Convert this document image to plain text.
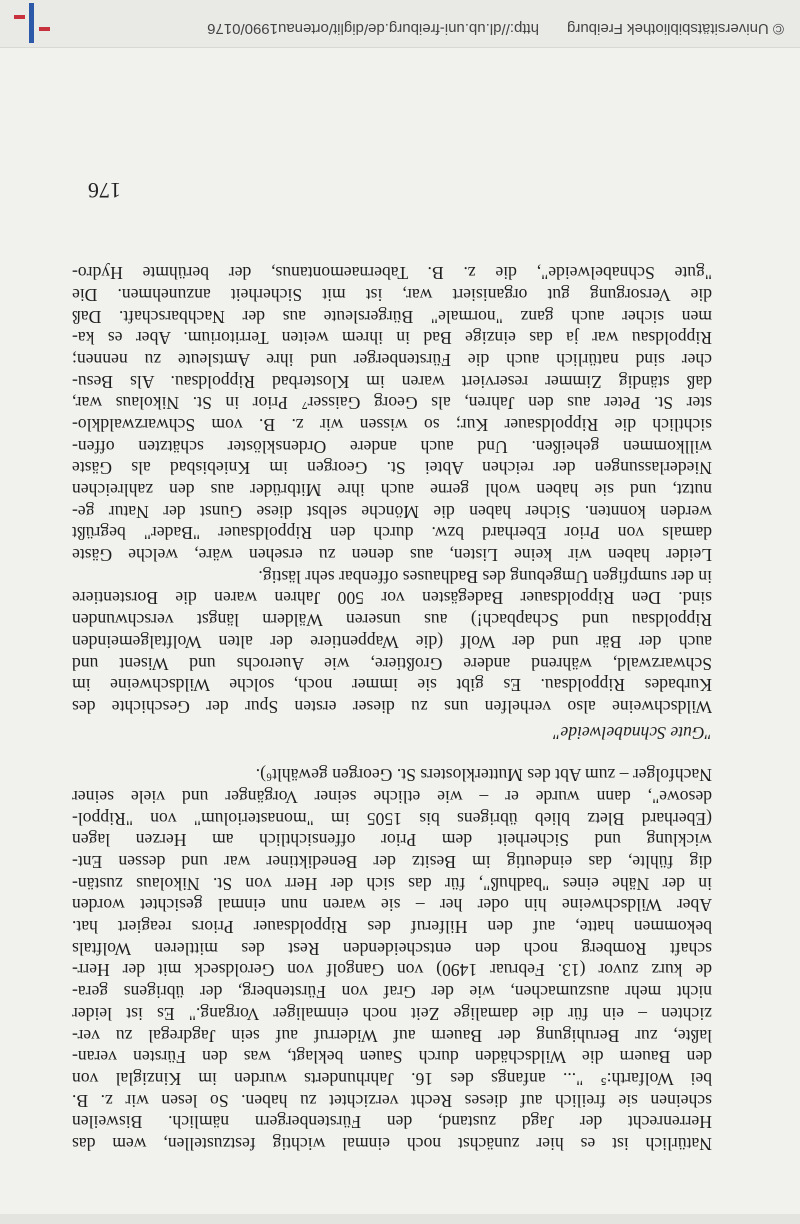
Natürlich ist es hier zunächst noch einmal wichtig festzustellen, wem das
Herrenrecht der Jagd zustand, den Fürstenbergern nämlich. Bisweilen
scheinen sie freilich auf dieses Recht verzichtet zu haben. So lesen wir z. B.
bei Wolfarth:⁵ "... anfangs des 16. Jahrhunderts wurden im Kinziglal von
den Bauern die Wildschäden durch Sauen beklagt, was den Fürsten veran-
laßte, zur Beruhigung der Bauern auf Widerruf auf sein Jagdregal zu ver-
zichten – ein für die damalige Zeit noch einmaliger Vorgang." Es ist leider
nicht mehr auszumachen, wie der Graf von Fürstenberg, der übrigens gera-
de kurz zuvor (13. Februar 1490) von Gangolf von Geroldseck mit der Herr-
schaft Romberg noch den entscheidenden Rest des mittleren Wolftals
bekommen hatte, auf den Hilferuf des Rippoldsauer Priors reagiert hat.
Aber Wildschweine hin oder her – sie waren nun einmal gesichtet worden
in der Nähe eines "badhuß", für das sich der Herr von St. Nikolaus zustän-
dig fühlte, das eindeutig im Besitz der Benediktiner war und dessen Ent-
wicklung und Sicherheit dem Prior offensichtlich am Herzen lagen
(Eberhard Bletz blieb übrigens bis 1505 im "monasteriolum" von "Rippol-
desowe", dann wurde er – wie etliche seiner Vorgänger und viele seiner
Nachfolger – zum Abt des Mutterklosters St. Georgen gewählt⁶).
"Gute Schnabelweide"
Wildschweine also verhelfen uns zu dieser ersten Spur der Geschichte des
Kurbades Rippoldsau. Es gibt sie immer noch, solche Wildschweine im
Schwarzwald, während andere Großtiere, wie Auerochs und Wisent und
auch der Bär und der Wolf (die Wappentiere der alten Wolftalgemeinden
Rippoldsau und Schapbach!) aus unseren Wäldern längst verschwunden
sind. Den Rippoldsauer Badegästen vor 500 Jahren waren die Borstentiere
in der sumpfigen Umgebung des Badhauses offenbar sehr lästig.
Leider haben wir keine Listen, aus denen zu ersehen wäre, welche Gäste
damals von Prior Eberhard bzw. durch den Rippoldsauer "Bader" begrüßt
werden konnten. Sicher haben die Mönche selbst diese Gunst der Natur ge-
nutzt, und sie haben wohl gerne auch ihre Mitbrüder aus den zahlreichen
Niederlassungen der reichen Abtei St. Georgen im Kniebisbad als Gäste
willkommen geheißen. Und auch andere Ordensklöster schätzten offen-
sichtlich die Rippoldsauer Kur; so wissen wir z. B. vom Schwarzwaldklo-
ster St. Peter aus den Jahren, als Georg Gaisser⁷ Prior in St. Nikolaus war,
daß ständig Zimmer reserviert waren im Klosterbad Rippoldsau. Als Besu-
cher sind natürlich auch die Fürstenberger und ihre Amtsleute zu nennen;
Rippoldsau war ja das einzige Bad in ihrem weiten Territorium. Aber es ka-
men sicher auch ganz "normale" Bürgersleute aus der Nachbarschaft. Daß
die Versorgung gut organisiert war, ist mit Sicherheit anzunehmen. Die
"gute Schnabelweide", die z. B. Tabernaemontanus, der berühmte Hydro-
176
© Universitätsbibliothek Freiburghttp://dl.ub.uni-freiburg.de/diglit/ortenau1990/0176
